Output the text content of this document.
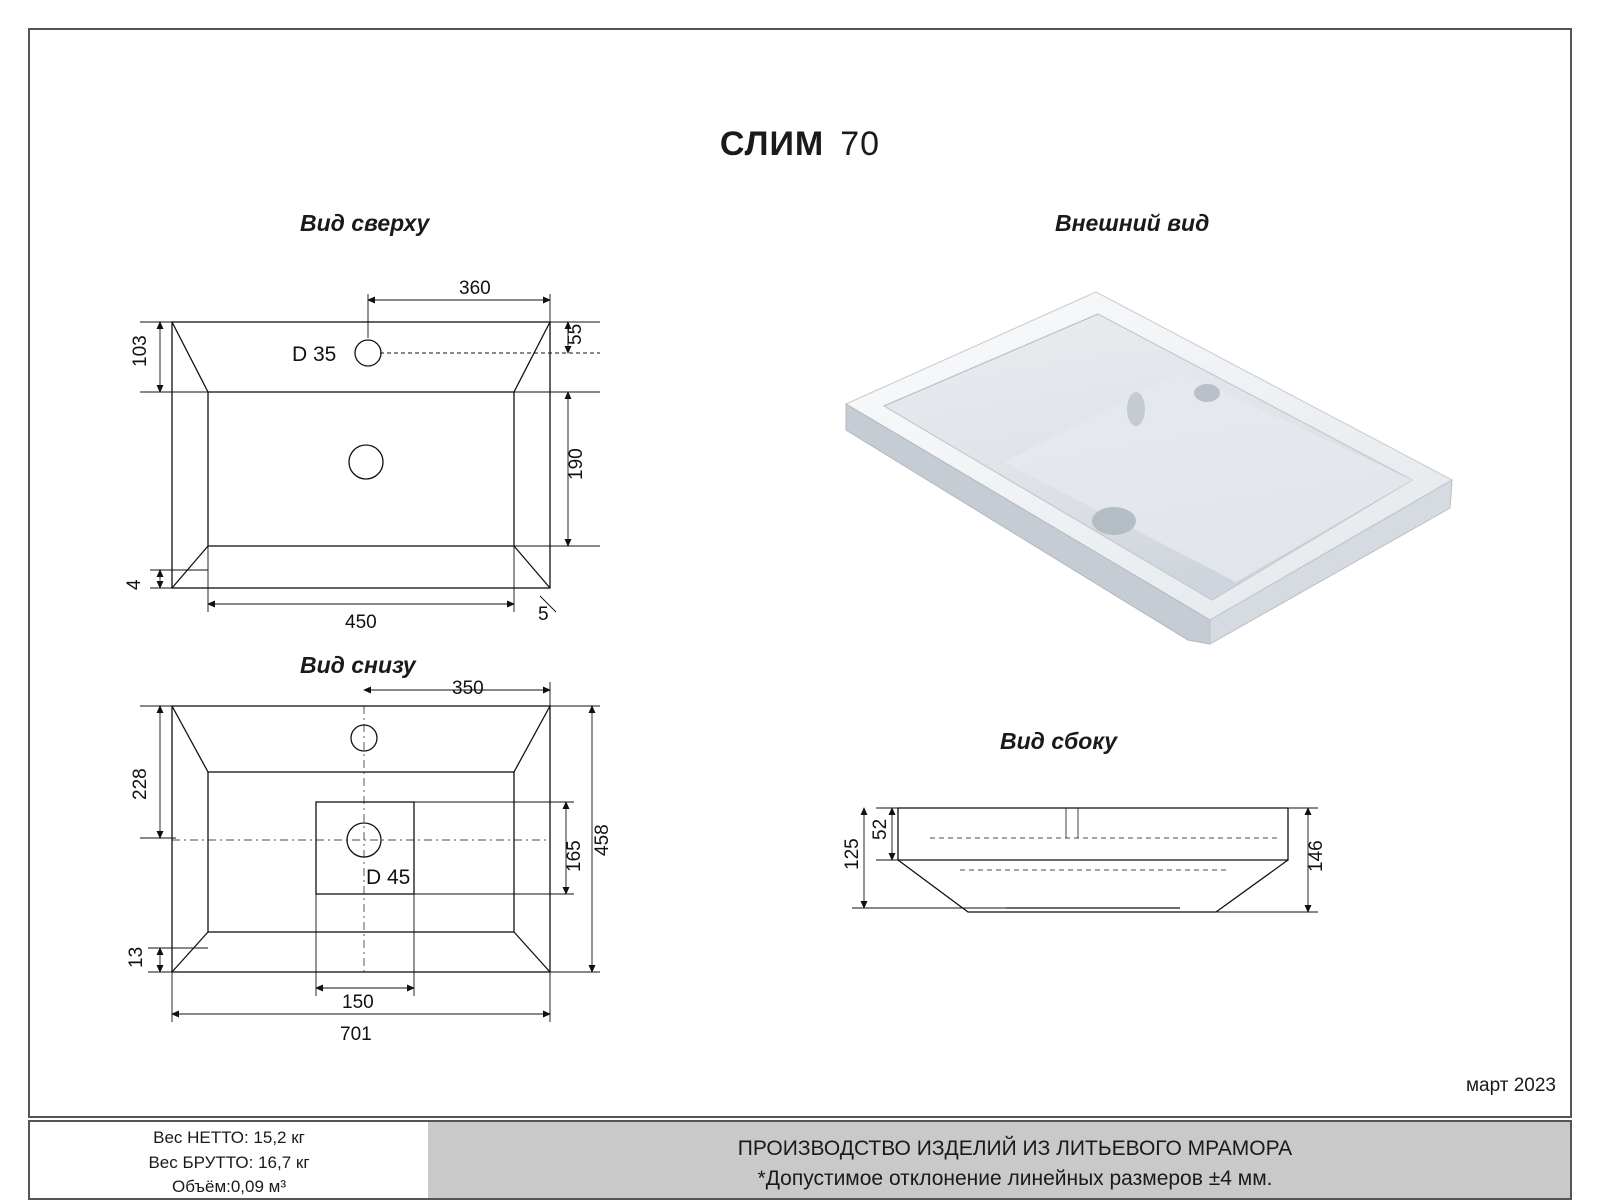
СЛИМ 70
Вид сверху
Вид снизу
Внешний вид
Вид сбоку
360
55
103	D 35
190
4
450	5
350
228
458
165
D 45
13
150
701
52
125	146
март 2023
Вес НЕТТО: 15,2 кг
Вес БРУТТО: 16,7 кг
Объём:0,09 м³
ПРОИЗВОДСТВО ИЗДЕЛИЙ ИЗ ЛИТЬЕВОГО МРАМОРА
*Допустимое отклонение линейных размеров ±4 мм.
